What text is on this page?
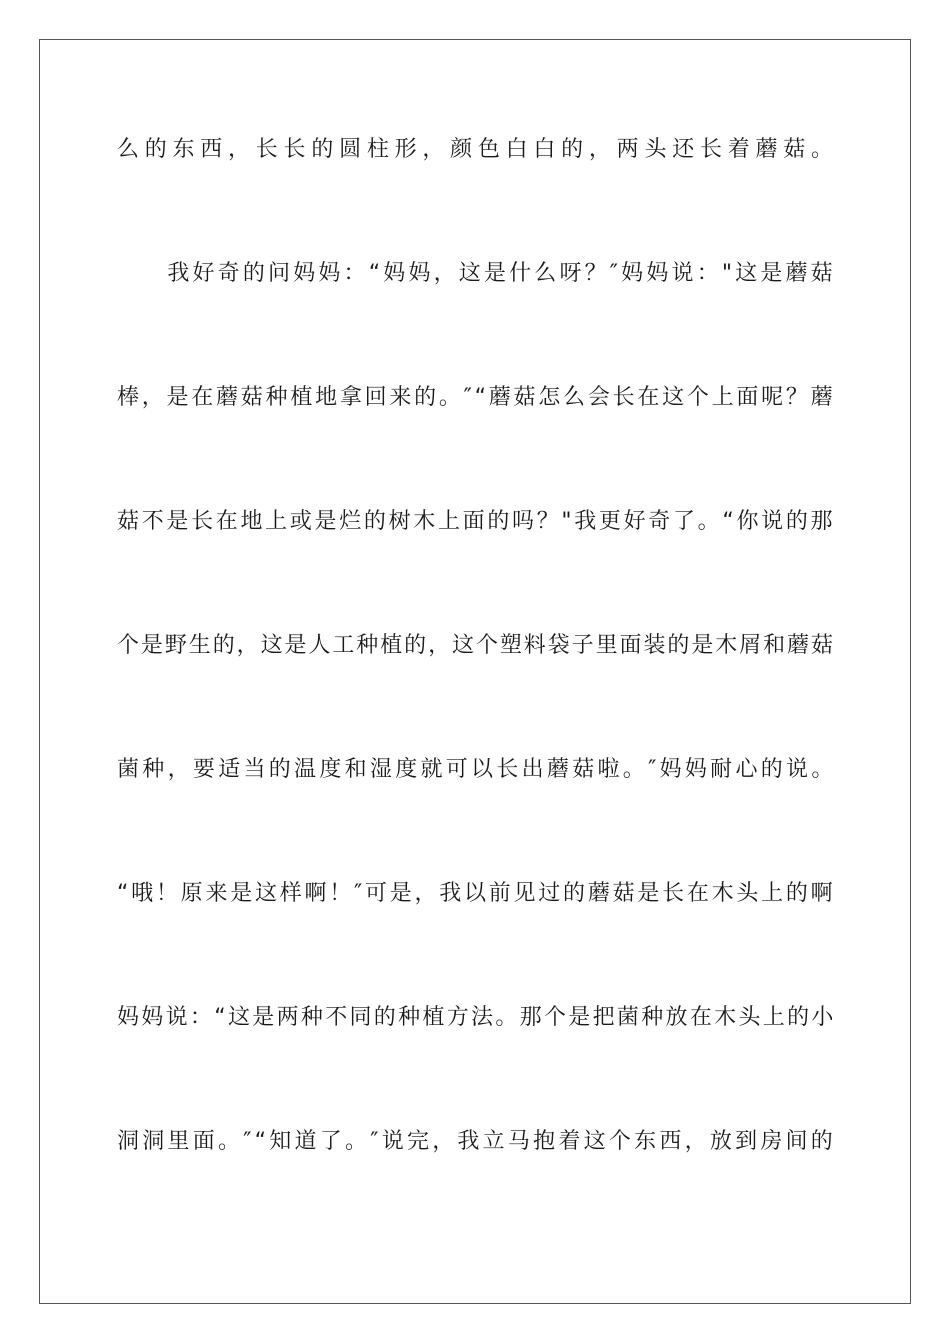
么的东西，长长的圆柱形，颜色白白的，两头还长着蘑菇。
　　我好奇的问妈妈：“妈妈，这是什么呀？″妈妈说："这是蘑菇
棒，是在蘑菇种植地拿回来的。″“蘑菇怎么会长在这个上面呢？蘑
菇不是长在地上或是烂的树木上面的吗？"我更好奇了。“你说的那
个是野生的，这是人工种植的，这个塑料袋子里面装的是木屑和蘑菇
菌种，要适当的温度和湿度就可以长出蘑菇啦。″妈妈耐心的说。
“哦！原来是这样啊！″可是，我以前见过的蘑菇是长在木头上的啊
妈妈说：“这是两种不同的种植方法。那个是把菌种放在木头上的小
洞洞里面。″“知道了。″说完，我立马抱着这个东西，放到房间的
